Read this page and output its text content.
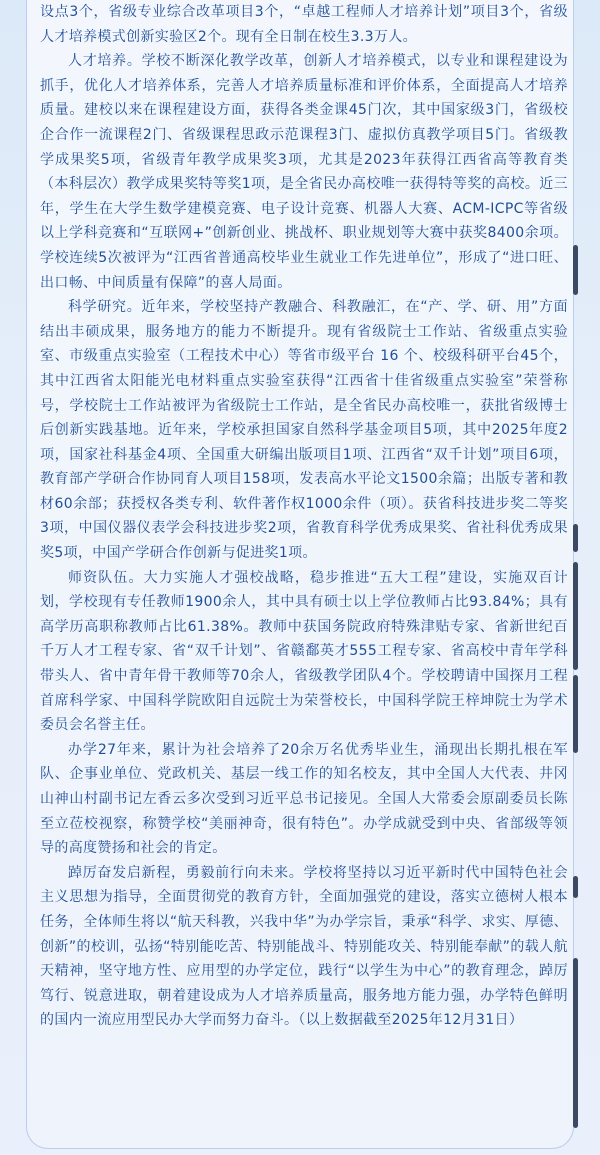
设点3个，省级专业综合改革项目3个，“卓越工程师人才培养计划”项目3个，省级人才培养模式创新实验区2个。现有全日制在校生3.3万人。

人才培养。学校不断深化教学改革，创新人才培养模式，以专业和课程建设为抓手，优化人才培养体系，完善人才培养质量标准和评价体系，全面提高人才培养质量。建校以来在课程建设方面，获得各类金课45门次，其中国家级3门，省级校企合作一流课程2门、省级课程思政示范课程3门、虚拟仿真教学项目5门。省级教学成果奖5项，省级青年教学成果奖3项，尤其是2023年获得江西省高等教育类（本科层次）教学成果奖特等奖1项，是全省民办高校唯一获得特等奖的高校。近三年，学生在大学生数学建模竞赛、电子设计竞赛、机器人大赛、ACM-ICPC等省级以上学科竞赛和“互联网+”创新创业、挑战杯、职业规划等大赛中获奖8400余项。学校连续5次被评为“江西省普通高校毕业生就业工作先进单位”，形成了“进口旺、出口畅、中间质量有保障”的喜人局面。

科学研究。近年来，学校坚持产教融合、科教融汇，在“产、学、研、用”方面结出丰硕成果，服务地方的能力不断提升。现有省级院士工作站、省级重点实验室、市级重点实验室（工程技术中心）等省市级平台 16 个、校级科研平台45个，其中江西省太阳能光电材料重点实验室获得“江西省十佳省级重点实验室”荣誉称号，学校院士工作站被评为省级院士工作站，是全省民办高校唯一，获批省级博士后创新实践基地。近年来，学校承担国家自然科学基金项目5项，其中2025年度2项，国家社科基金4项、全国重大研编出版项目1项、江西省“双千计划”项目6项，教育部产学研合作协同育人项目158项，发表高水平论文1500余篇；出版专著和教材60余部；获授权各类专利、软件著作权1000余件（项）。获省科技进步奖二等奖3项，中国仪器仪表学会科技进步奖2项，省教育科学优秀成果奖、省社科优秀成果奖5项，中国产学研合作创新与促进奖1项。

师资队伍。大力实施人才强校战略，稳步推进“五大工程”建设，实施双百计划，学校现有专任教师1900余人，其中具有硕士以上学位教师占比93.84%；具有高学历高职称教师占比61.38%。教师中获国务院政府特殊津贴专家、省新世纪百千万人才工程专家、省“双千计划”、省赣鄱英才555工程专家、省高校中青年学科带头人、省中青年骨干教师等70余人，省级教学团队4个。学校聘请中国探月工程首席科学家、中国科学院欧阳自远院士为荣誉校长，中国科学院王梓坤院士为学术委员会名誉主任。

办学27年来，累计为社会培养了20余万名优秀毕业生，涌现出长期扎根在军队、企事业单位、党政机关、基层一线工作的知名校友，其中全国人大代表、井冈山神山村副书记左香云多次受到习近平总书记接见。全国人大常委会原副委员长陈至立莅校视察，称赞学校“美丽神奇，很有特色”。办学成就受到中央、省部级等领导的高度赞扬和社会的肯定。

踔厉奋发启新程，勇毅前行向未来。学校将坚持以习近平新时代中国特色社会主义思想为指导，全面贯彻党的教育方针，全面加强党的建设，落实立德树人根本任务，全体师生将以“航天科教，兴我中华”为办学宗旨，秉承“科学、求实、厚德、创新”的校训，弘扬“特别能吃苦、特别能战斗、特别能攻关、特别能奉献”的载人航天精神，坚守地方性、应用型的办学定位，践行“以学生为中心”的教育理念，踔厉笃行、锐意进取，朝着建设成为人才培养质量高，服务地方能力强，办学特色鲜明的国内一流应用型民办大学而努力奋斗。（以上数据截至2025年12月31日）
